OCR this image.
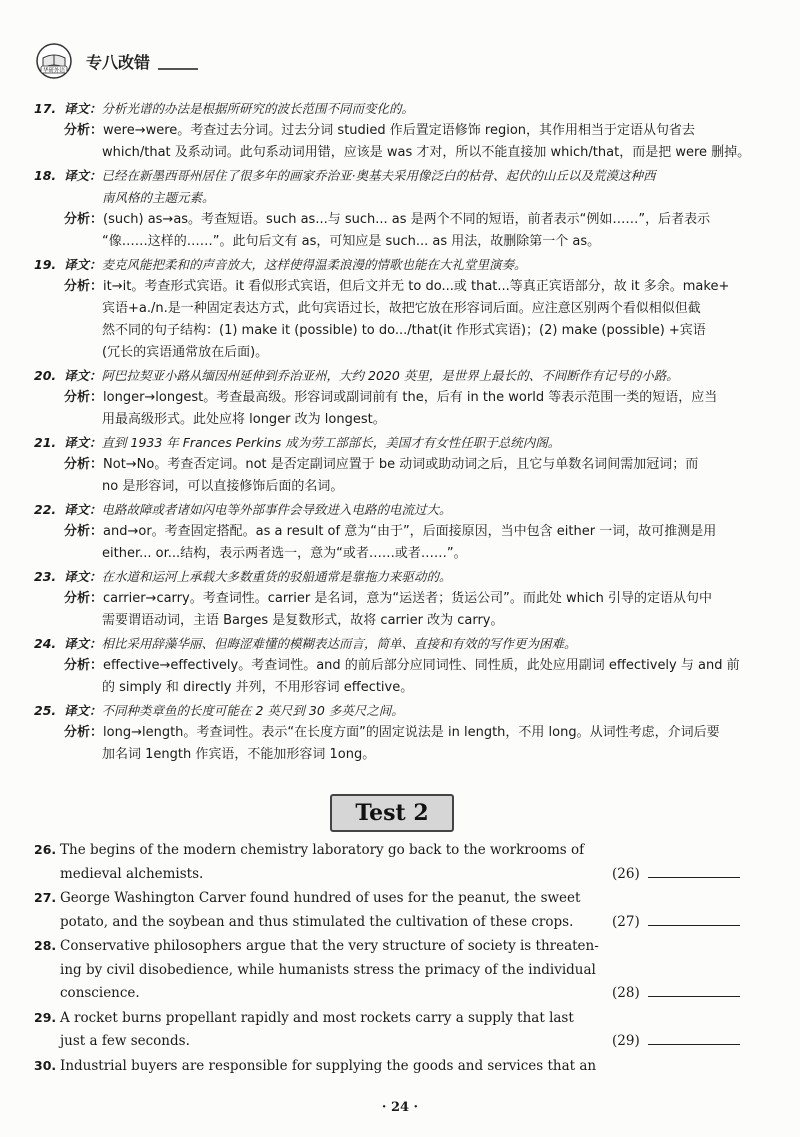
华研外语 专八改错
17. 译文：分析光谱的办法是根据所研究的波长范围不同而变化的。
分析：were→were。考查过去分词。过去分词 studied 作后置定语修饰 region，其作用相当于定语从句省去
which/that 及系动词。此句系动词用错，应该是 was 才对，所以不能直接加 which/that，而是把 were 删掉。
18. 译文：已经在新墨西哥州居住了很多年的画家乔治亚·奥基夫采用像泛白的枯骨、起伏的山丘以及荒漠这种西
南风格的主题元素。
分析：(such) as→as。考查短语。such as...与 such... as 是两个不同的短语，前者表示“例如……”，后者表示
“像……这样的……”。此句后文有 as，可知应是 such... as 用法，故删除第一个 as。
19. 译文：麦克风能把柔和的声音放大，这样使得温柔浪漫的情歌也能在大礼堂里演奏。
分析：it→it。考查形式宾语。it 看似形式宾语，但后文并无 to do...或 that...等真正宾语部分，故 it 多余。make+
宾语+a./n.是一种固定表达方式，此句宾语过长，故把它放在形容词后面。应注意区别两个看似相似但截
然不同的句子结构：(1) make it (possible) to do.../that(it 作形式宾语)；(2) make (possible) +宾语
(冗长的宾语通常放在后面)。
20. 译文：阿巴拉契亚小路从缅因州延伸到乔治亚州，大约 2020 英里，是世界上最长的、不间断作有记号的小路。
分析：longer→longest。考查最高级。形容词或副词前有 the，后有 in the world 等表示范围一类的短语，应当
用最高级形式。此处应将 longer 改为 longest。
21. 译文：直到 1933 年 Frances Perkins 成为劳工部部长，美国才有女性任职于总统内阁。
分析：Not→No。考查否定词。not 是否定副词应置于 be 动词或助动词之后，且它与单数名词间需加冠词；而
no 是形容词，可以直接修饰后面的名词。
22. 译文：电路故障或者诸如闪电等外部事件会导致进入电路的电流过大。
分析：and→or。考查固定搭配。as a result of 意为“由于”，后面接原因，当中包含 either 一词，故可推测是用
either... or...结构，表示两者选一，意为“或者……或者……”。
23. 译文：在水道和运河上承载大多数重货的驳船通常是靠拖力来驱动的。
分析：carrier→carry。考查词性。carrier 是名词，意为“运送者；货运公司”。而此处 which 引导的定语从句中
需要谓语动词，主语 Barges 是复数形式，故将 carrier 改为 carry。
24. 译文：相比采用辞藻华丽、但晦涩难懂的模糊表达而言，简单、直接和有效的写作更为困难。
分析：effective→effectively。考查词性。and 的前后部分应同词性、同性质，此处应用副词 effectively 与 and 前
的 simply 和 directly 并列，不用形容词 effective。
25. 译文：不同种类章鱼的长度可能在 2 英尺到 30 多英尺之间。
分析：long→length。考查词性。表示“在长度方面”的固定说法是 in length，不用 long。从词性考虑，介词后要
加名词 1ength 作宾语，不能加形容词 1ong。
Test 2
26. The begins of the modern chemistry laboratory go back to the workrooms of
medieval alchemists.	(26)
27. George Washington Carver found hundred of uses for the peanut, the sweet
potato, and the soybean and thus stimulated the cultivation of these crops.	(27)
28. Conservative philosophers argue that the very structure of society is threaten-
ing by civil disobedience, while humanists stress the primacy of the individual
conscience.	(28)
29. A rocket burns propellant rapidly and most rockets carry a supply that last
just a few seconds.	(29)
30. Industrial buyers are responsible for supplying the goods and services that an
· 24 ·
